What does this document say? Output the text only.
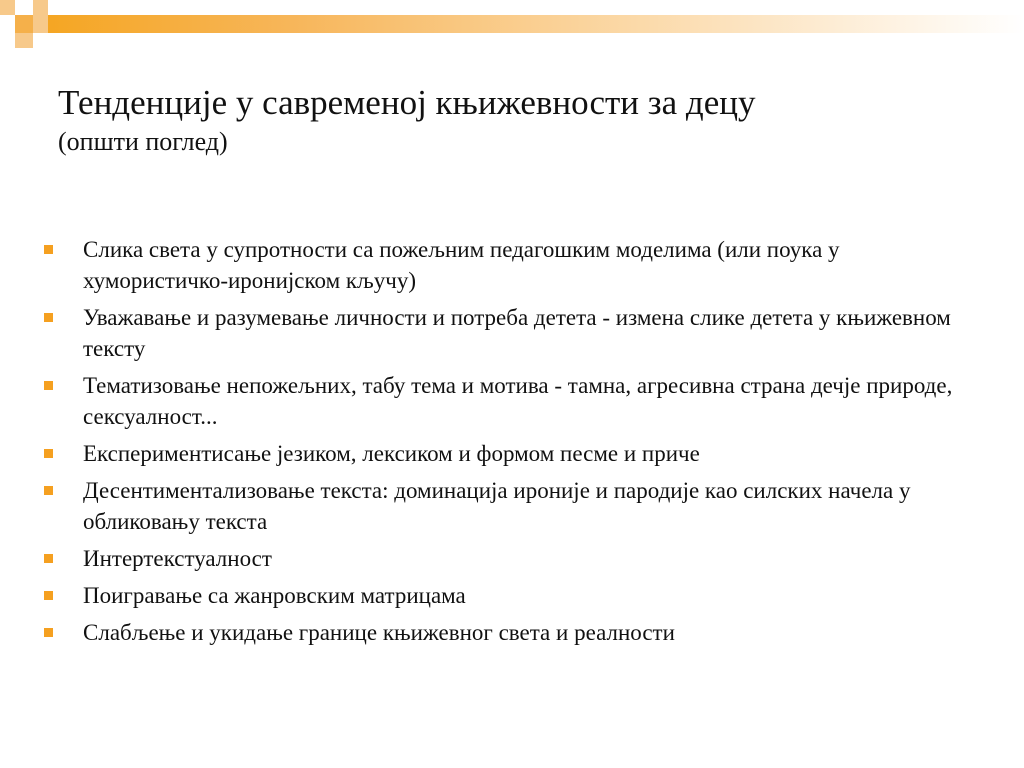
Тенденције у савременој књижевности за децу
(општи поглед)
Слика света у супротности са пожељним педагошким моделима (или поука у хумористичко-иронијском кључу)
Уважавање и разумевање личности и потреба детета - измена слике детета у књижевном тексту
Тематизовање непожељних, табу тема и мотива - тамна, агресивна страна дечје природе, сексуалност...
Експериментисање језиком, лексиком и формом песме и приче
Десентиментализовање текста: доминација ироније и пародије као силских начела у обликовању текста
Интертекстуалност
Поигравање са жанровским матрицама
Слабљење и укидање границе књижевног света и реалности
